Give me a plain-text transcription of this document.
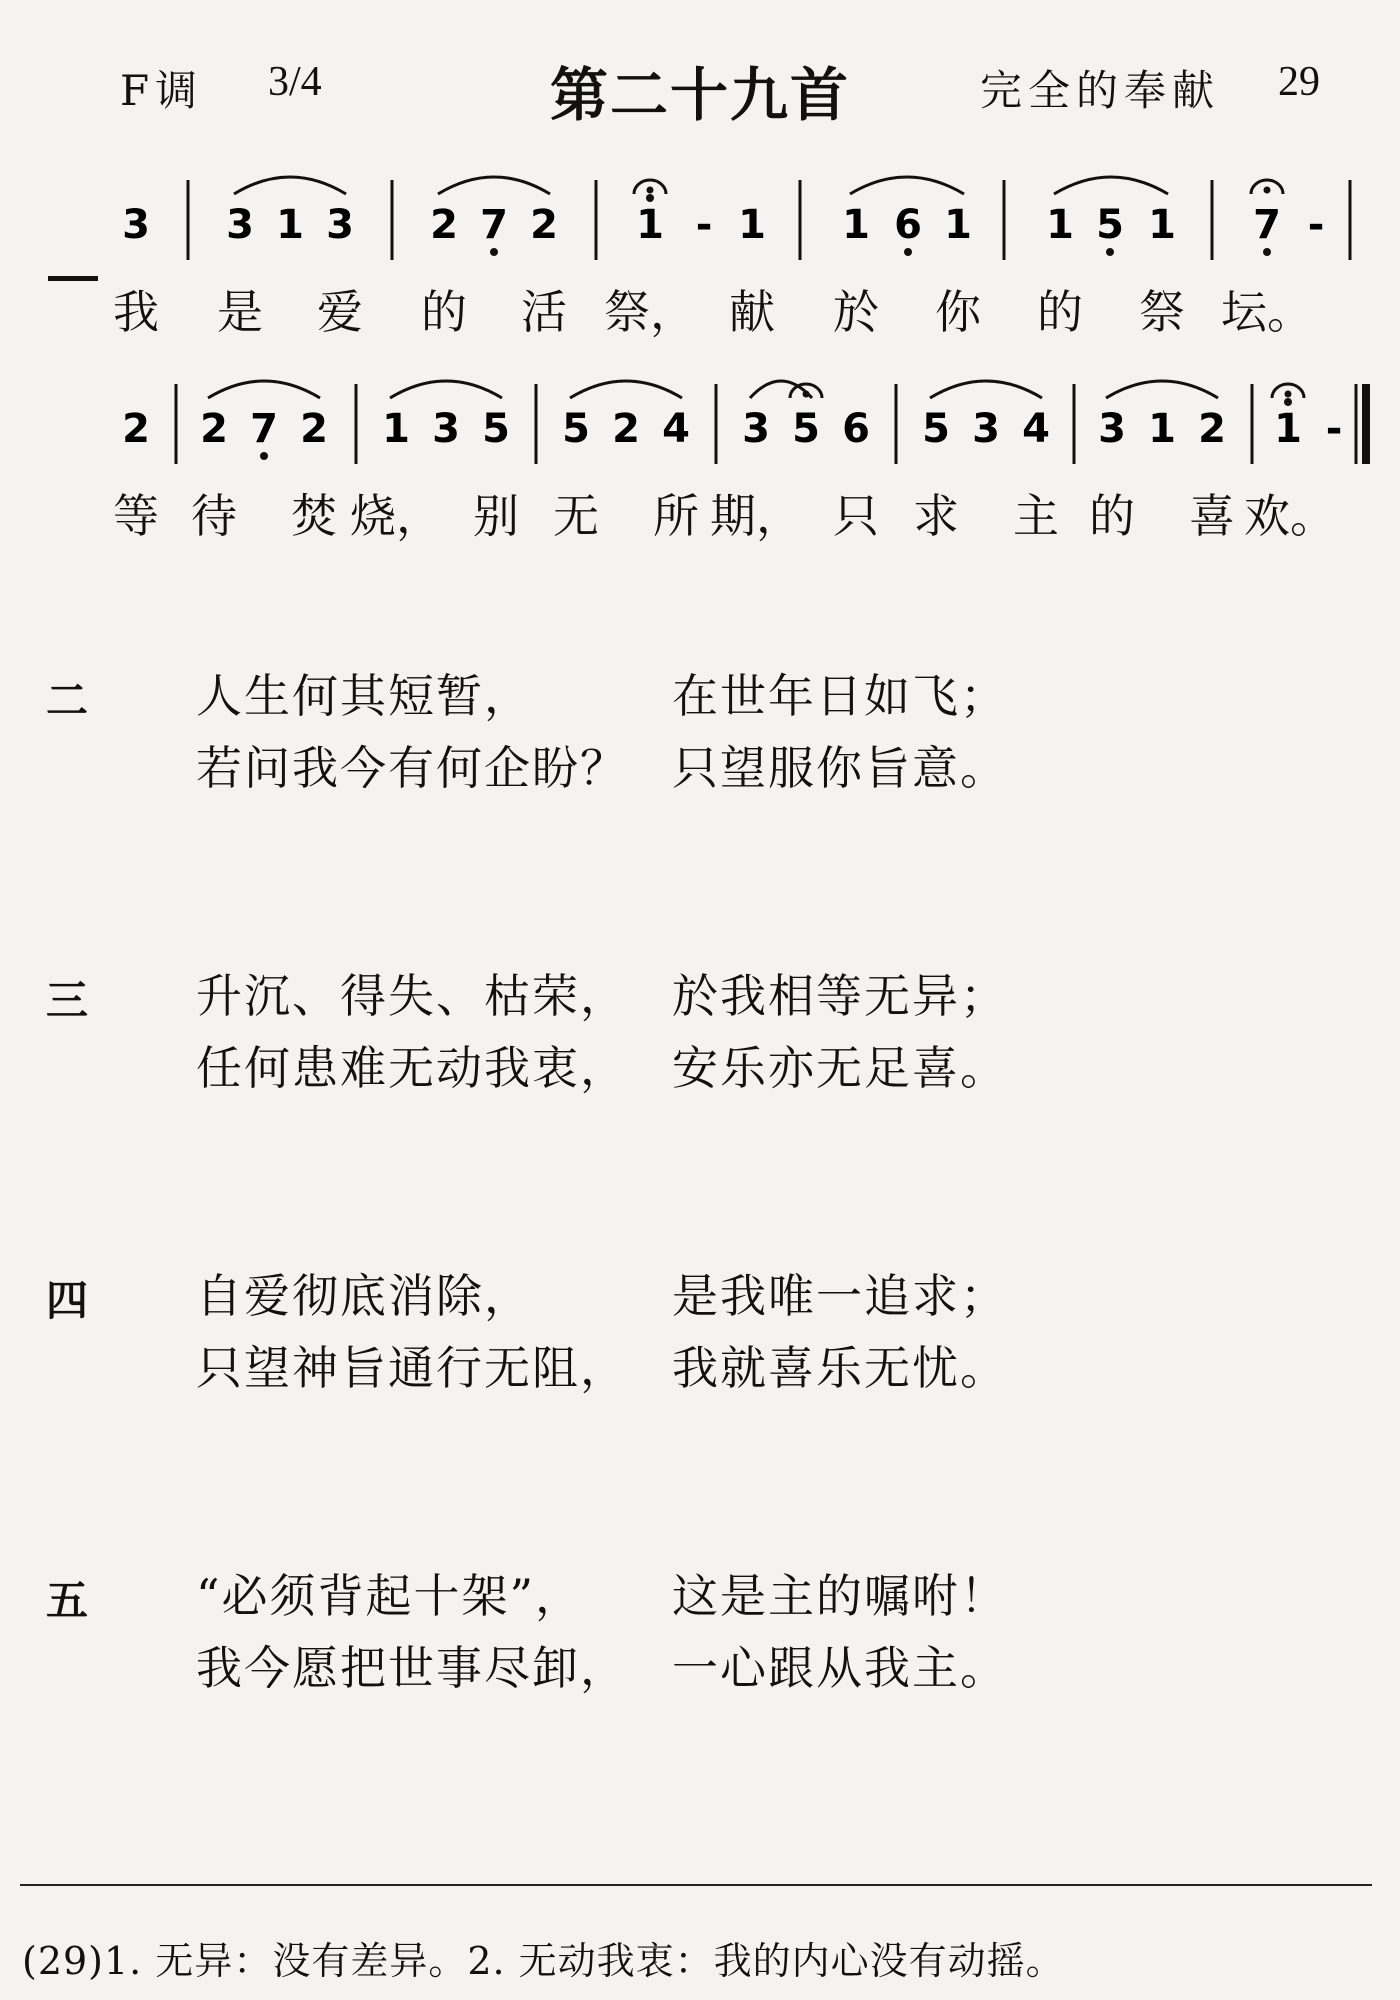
F调 3/4	第二十九首	完全的奉献 29
3 3 1 3 2 7 2 1 - 1 1 6 1 1 5 1 7 -
我 是 爱 的 活 祭， 献 於 你 的 祭 坛。
2 2 7 2 1 3 5 5 2 4 3 5 6 5 3 4 3 1 2 1 -
等 待 焚 烧， 别 无 所 期， 只 求 主 的 喜 欢。
二 人生何其短暂，	在世年日如飞；
若问我今有何企盼？ 只望服你旨意。
三 升沉、得失、枯荣， 於我相等无异；
任何患难无动我衷， 安乐亦无足喜。
四 自爱彻底消除，	是我唯一追求；
只望神旨通行无阻， 我就喜乐无忧。
五 “必须背起十架”， 这是主的嘱咐！
我今愿把世事尽卸， 一心跟从我主。
(29)1. 无异：没有差异。2. 无动我衷：我的内心没有动摇。
